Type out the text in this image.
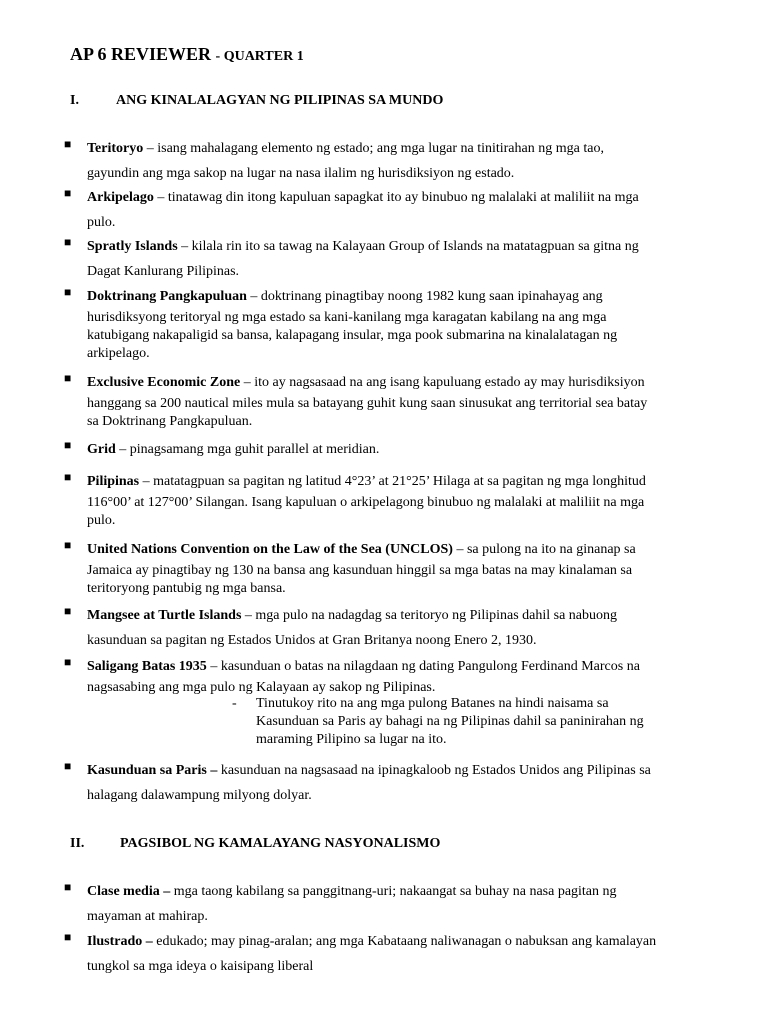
AP 6 REVIEWER - QUARTER 1
I.	ANG KINALALAGYAN NG PILIPINAS SA MUNDO
■ Teritoryo – isang mahalagang elemento ng estado; ang mga lugar na tinitirahan ng mga tao,
gayundin ang mga sakop na lugar na nasa ilalim ng hurisdiksiyon ng estado.
■ Arkipelago – tinatawag din itong kapuluan sapagkat ito ay binubuo ng malalaki at maliliit na mga
pulo.
■ Spratly Islands – kilala rin ito sa tawag na Kalayaan Group of Islands na matatagpuan sa gitna ng
Dagat Kanlurang Pilipinas.
■ Doktrinang Pangkapuluan – doktrinang pinagtibay noong 1982 kung saan ipinahayag ang
hurisdiksyong teritoryal ng mga estado sa kani-kanilang mga karagatan kabilang na ang mga
katubigang nakapaligid sa bansa, kalapagang insular, mga pook submarina na kinalalatagan ng
arkipelago.
■ Exclusive Economic Zone – ito ay nagsasaad na ang isang kapuluang estado ay may hurisdiksiyon
hanggang sa 200 nautical miles mula sa batayang guhit kung saan sinusukat ang territorial sea batay
sa Doktrinang Pangkapuluan.
■ Grid – pinagsamang mga guhit parallel at meridian.
■ Pilipinas – matatagpuan sa pagitan ng latitud 4°23’ at 21°25’ Hilaga at sa pagitan ng mga longhitud
116°00’ at 127°00’ Silangan. Isang kapuluan o arkipelagong binubuo ng malalaki at maliliit na mga
pulo.
■ United Nations Convention on the Law of the Sea (UNCLOS) – sa pulong na ito na ginanap sa
Jamaica ay pinagtibay ng 130 na bansa ang kasunduan hinggil sa mga batas na may kinalaman sa
teritoryong pantubig ng mga bansa.
■ Mangsee at Turtle Islands – mga pulo na nadagdag sa teritoryo ng Pilipinas dahil sa nabuong
kasunduan sa pagitan ng Estados Unidos at Gran Britanya noong Enero 2, 1930.
■ Saligang Batas 1935 – kasunduan o batas na nilagdaan ng dating Pangulong Ferdinand Marcos na
nagsasabing ang mga pulo ng Kalayaan ay sakop ng Pilipinas.
- Tinutukoy rito na ang mga pulong Batanes na hindi naisama sa
Kasunduan sa Paris ay bahagi na ng Pilipinas dahil sa paninirahan ng
maraming Pilipino sa lugar na ito.
■ Kasunduan sa Paris – kasunduan na nagsasaad na ipinagkaloob ng Estados Unidos ang Pilipinas sa
halagang dalawampung milyong dolyar.
II.	PAGSIBOL NG KAMALAYANG NASYONALISMO
■ Clase media – mga taong kabilang sa panggitnang-uri; nakaangat sa buhay na nasa pagitan ng
mayaman at mahirap.
■ Ilustrado – edukado; may pinag-aralan; ang mga Kabataang naliwanagan o nabuksan ang kamalayan
tungkol sa mga ideya o kaisipang liberal
